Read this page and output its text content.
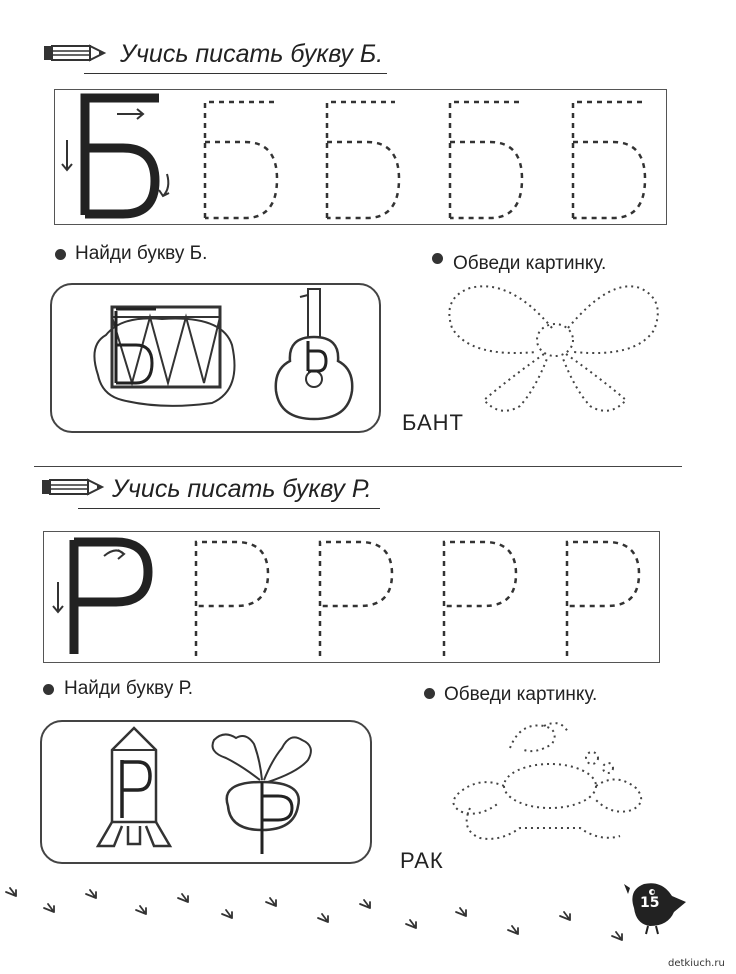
Учись писать букву Б.
Найди букву Б.	Обведи картинку.
БАНТ
Учись писать букву Р.
Найди букву Р.	Обведи картинку.
РАК
15
detkiuch.ru
